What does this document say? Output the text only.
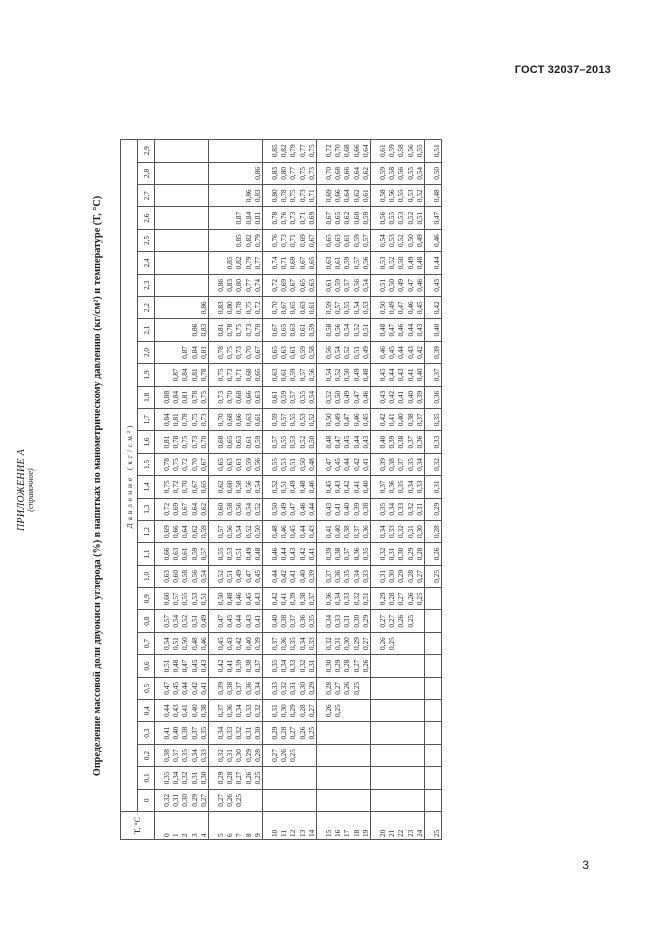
ГОСТ 32037–2013
ПРИЛОЖЕНИЕ А (справочное)	Определение массовой доли двуокиси углерода (%) в напитках по манометрическому давлению (кг/см²) и температуре (T, °C)
T, °C	Давление (кг/см²)																													
	0	0,1	0,2	0,3	0,4	0,5	0,6	0,7	0,8	0,9	1,0	1,1	1,2	1,3	1,4	1,5	1,6	1,7	1,8	1,9	2,0	2,1	2,2	2,3	2,4	2,5	2,6	2,7	2,8	2,9

0	0,32	0,35	0,38	0,41	0,44	0,47	0,51	0,54	0,57	0,60	0,63	0,66	0,69	0,72	0,75	0,78	0,81	0,84	0,88											
1	0,31	0,34	0,37	0,40	0,43	0,45	0,48	0,51	0,54	0,57	0,60	0,63	0,66	0,69	0,72	0,75	0,78	0,81	0,84	0,87										
2	0,30	0,32	0,35	0,38	0,41	0,44	0,47	0,50	0,52	0,55	0,58	0,61	0,64	0,67	0,70	0,72	0,75	0,78	0,81	0,84	0,87									
3	0,29	0,31	0,34	0,37	0,40	0,42	0,45	0,48	0,51	0,53	0,56	0,59	0,62	0,64	0,67	0,70	0,73	0,75	0,78	0,81	0,84	0,86								
4	0,27	0,30	0,33	0,35	0,38	0,41	0,43	0,46	0,49	0,51	0,54	0,57	0,59	0,62	0,65	0,67	0,70	0,73	0,75	0,78	0,81	0,83	0,86							

5	0,27	0,29	0,32	0,34	0,37	0,39	0,42	0,45	0,47	0,50	0,52	0,55	0,57	0,60	0,62	0,65	0,68	0,70	0,73	0,75	0,78	0,81	0,83	0,86						
6	0,26	0,28	0,31	0,33	0,36	0,38	0,41	0,43	0,45	0,48	0,51	0,53	0,56	0,58	0,60	0,63	0,65	0,68	0,70	0,73	0,75	0,78	0,80	0,83	0,85					
7	0,25	0,27	0,30	0,32	0,34	0,37	0,39	0,42	0,44	0,46	0,49	0,51	0,54	0,56	0,58	0,61	0,63	0,66	0,68	0,71	0,73	0,75	0,78	0,80	0,82	0,85	0,87			
8		0,26	0,29	0,31	0,33	0,36	0,38	0,40	0,43	0,45	0,47	0,49	0,52	0,54	0,56	0,59	0,61	0,63	0,66	0,68	0,70	0,73	0,75	0,77	0,79	0,82	0,84	0,86		
9		0,25	0,28	0,30	0,32	0,34	0,37	0,39	0,41	0,43	0,45	0,48	0,50	0,52	0,54	0,56	0,59	0,61	0,63	0,65	0,67	0,70	0,72	0,74	0,77	0,79	0,81	0,83	0,86	

10			0,27	0,29	0,31	0,33	0,35	0,37	0,40	0,42	0,44	0,46	0,48	0,50	0,52	0,55	0,57	0,59	0,61	0,63	0,65	0,67	0,70	0,72	0,74	0,76	0,78	0,80	0,83	0,85
11			0,26	0,28	0,30	0,32	0,34	0,36	0,38	0,41	0,42	0,44	0,46	0,49	0,51	0,53	0,55	0,57	0,59	0,61	0,63	0,65	0,67	0,69	0,71	0,73	0,76	0,78	0,80	0,82
12			0,25	0,27	0,29	0,31	0,33	0,35	0,37	0,39	0,41	0,43	0,45	0,47	0,49	0,51	0,53	0,55	0,57	0,59	0,61	0,63	0,65	0,67	0,69	0,71	0,73	0,75	0,77	0,79
13				0,26	0,28	0,30	0,32	0,34	0,36	0,38	0,40	0,42	0,44	0,46	0,48	0,50	0,52	0,53	0,55	0,57	0,59	0,61	0,63	0,65	0,67	0,69	0,71	0,73	0,75	0,77
14				0,25	0,27	0,29	0,31	0,33	0,35	0,37	0,39	0,41	0,43	0,44	0,46	0,48	0,50	0,52	0,54	0,56	0,58	0,59	0,61	0,63	0,65	0,67	0,69	0,71	0,73	0,75

15					0,26	0,28	0,30	0,32	0,34	0,36	0,37	0,39	0,41	0,43	0,45	0,47	0,48	0,50	0,52	0,54	0,56	0,58	0,59	0,61	0,63	0,65	0,67	0,69	0,70	0,72
16					0,25	0,27	0,29	0,31	0,33	0,34	0,36	0,38	0,40	0,41	0,43	0,45	0,47	0,49	0,50	0,52	0,54	0,56	0,57	0,59	0,61	0,63	0,65	0,66	0,68	0,70
17						0,26	0,28	0,30	0,31	0,33	0,35	0,37	0,38	0,40	0,42	0,44	0,45	0,47	0,49	0,50	0,52	0,54	0,55	0,57	0,59	0,61	0,62	0,64	0,66	0,68
18						0,25	0,27	0,29	0,30	0,32	0,34	0,36	0,37	0,39	0,41	0,42	0,44	0,46	0,47	0,49	0,51	0,52	0,54	0,56	0,57	0,59	0,60	0,62	0,64	0,66
19							0,26	0,27	0,29	0,31	0,33	0,35	0,36	0,38	0,40	0,41	0,43	0,45	0,46	0,48	0,49	0,51	0,53	0,54	0,56	0,57	0,59	0,61	0,62	0,64

20								0,26	0,27	0,29	0,31	0,32	0,34	0,35	0,37	0,39	0,40	0,42	0,43	0,45	0,46	0,48	0,50	0,51	0,53	0,54	0,56	0,58	0,59	0,61
21								0,25	0,27	0,28	0,30	0,31	0,33	0,34	0,36	0,38	0,39	0,41	0,42	0,44	0,45	0,47	0,49	0,50	0,52	0,53	0,55	0,56	0,58	0,59
22									0,26	0,27	0,29	0,30	0,32	0,33	0,35	0,37	0,38	0,40	0,41	0,43	0,44	0,46	0,47	0,49	0,50	0,52	0,53	0,55	0,56	0,58
23									0,25	0,26	0,28	0,29	0,31	0,32	0,34	0,35	0,37	0,38	0,40	0,41	0,43	0,44	0,46	0,47	0,49	0,50	0,52	0,53	0,55	0,56
24										0,25	0,27	0,28	0,30	0,31	0,33	0,34	0,36	0,37	0,39	0,40	0,42	0,43	0,45	0,46	0,48	0,49	0,51	0,52	0,54	0,55

25											0,25	0,26	0,28	0,29	0,31	0,32	0,33	0,35	0,36	0,37	0,39	0,40	0,42	0,43	0,44	0,46	0,47	0,48	0,50	0,51
3
